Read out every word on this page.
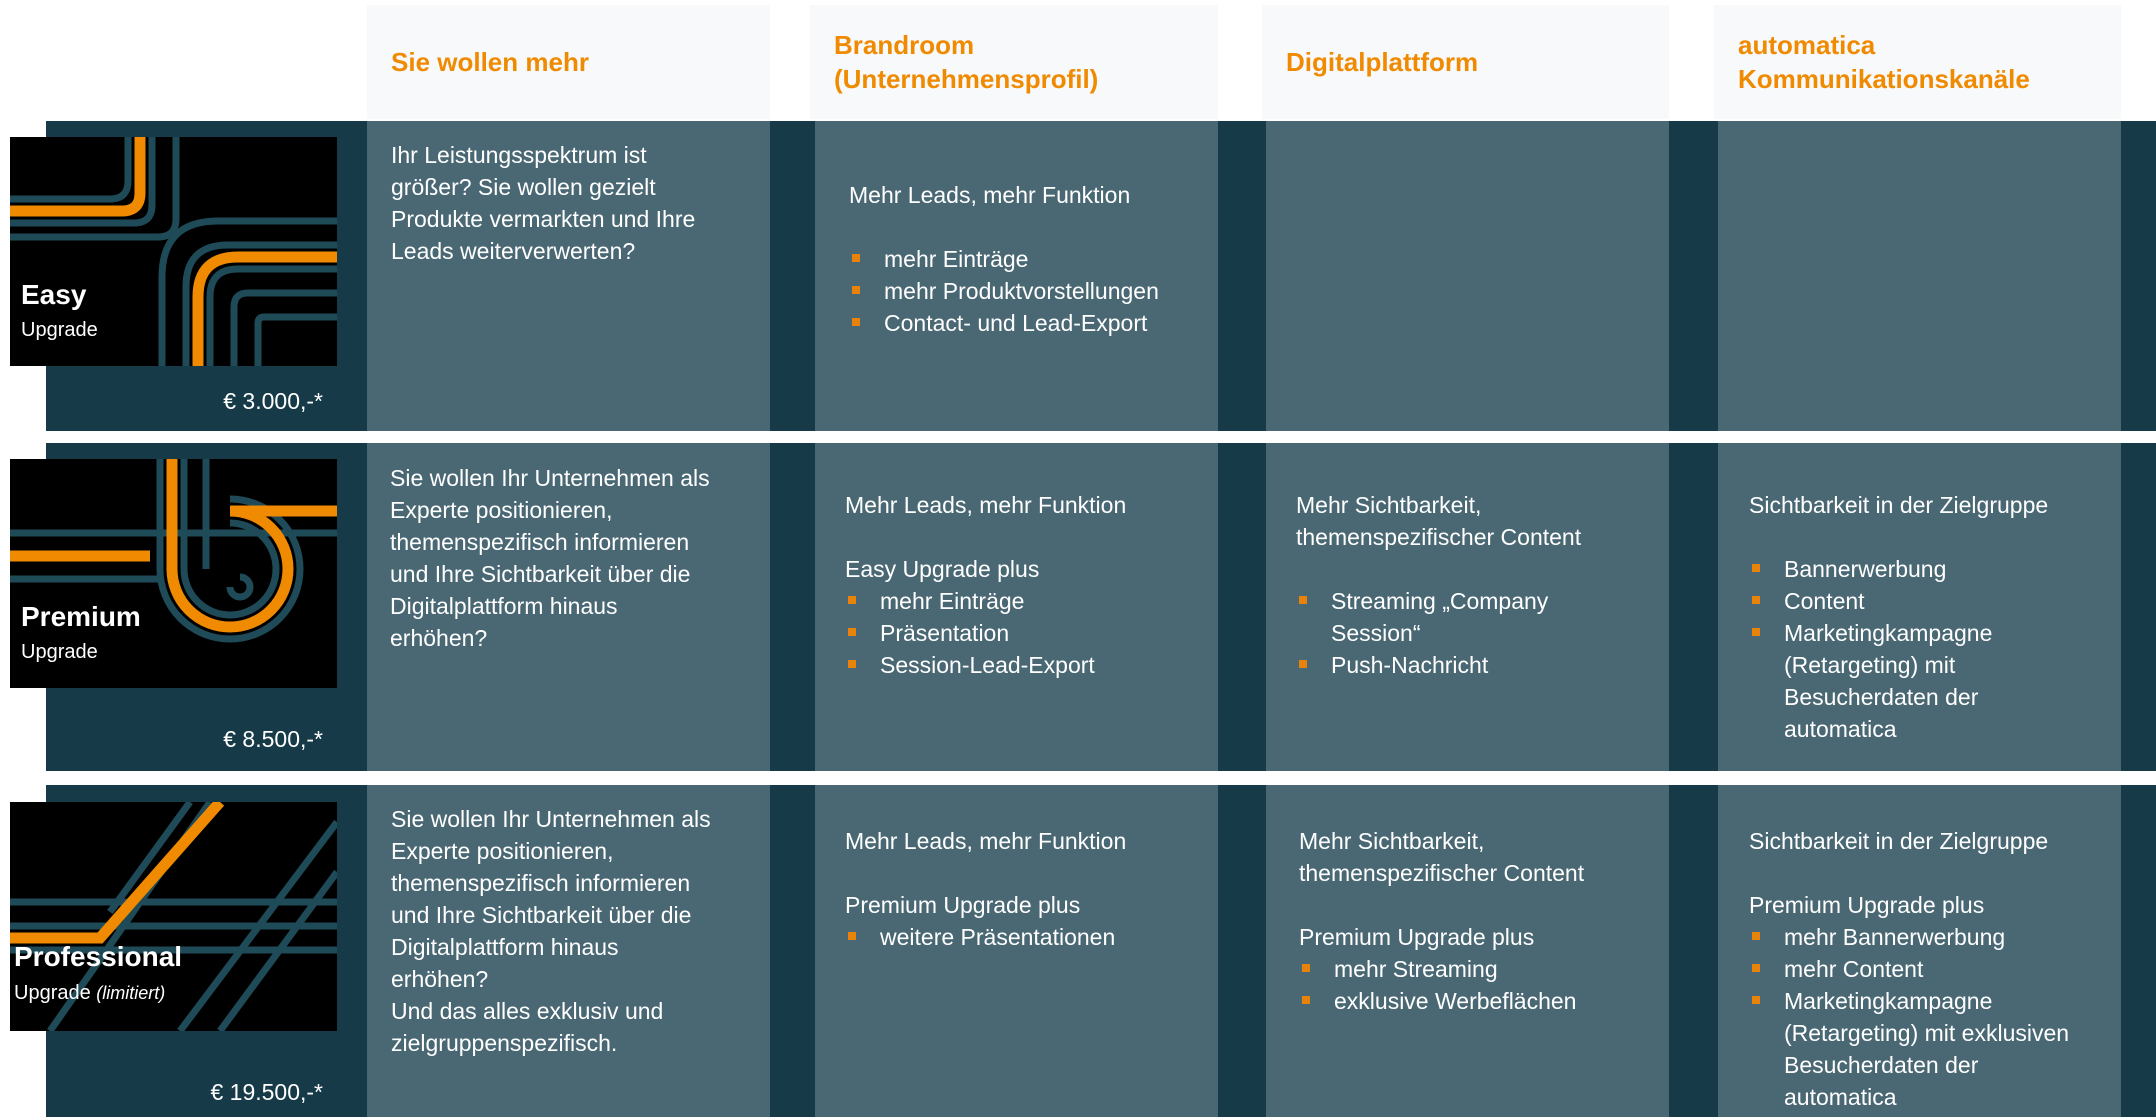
Sie wollen mehr
Brandroom
(Unternehmensprofil)
Digitalplattform
automatica
Kommunikationskanäle

Ihr Leistungsspektrum ist

größer? Sie wollen gezielt

Produkte vermarkten und Ihre

Leads weiterverwerten?

Mehr Leads, mehr Funktion

mehr Einträge
mehr Produktvorstellungen
Contact- und Lead-Export
Easy
Upgrade
€ 3.000,-*

Sie wollen Ihr Unternehmen als

Experte positionieren,

themenspezifisch informieren

und Ihre Sichtbarkeit über die

Digitalplattform hinaus

erhöhen?

Mehr Leads, mehr Funktion

Easy Upgrade plus

mehr Einträge
Präsentation
Session-Lead-Export

Mehr Sichtbarkeit,

themenspezifischer Content

Streaming „Company
Session“
Push-Nachricht

Sichtbarkeit in der Zielgruppe

Bannerwerbung
Content
Marketingkampagne
(Retargeting) mit
Besucherdaten der
automatica
Premium
Upgrade
€ 8.500,-*

Sie wollen Ihr Unternehmen als

Experte positionieren,

themenspezifisch informieren

und Ihre Sichtbarkeit über die

Digitalplattform hinaus

erhöhen?

Und das alles exklusiv und

zielgruppenspezifisch.

Mehr Leads, mehr Funktion

Premium Upgrade plus

weitere Präsentationen

Mehr Sichtbarkeit,

themenspezifischer Content

Premium Upgrade plus

mehr Streaming
exklusive Werbeflächen

Sichtbarkeit in der Zielgruppe

Premium Upgrade plus

mehr Bannerwerbung
mehr Content
Marketingkampagne
(Retargeting) mit exklusiven
Besucherdaten der
automatica
Professional
Upgrade (limitiert)
€ 19.500,-*
